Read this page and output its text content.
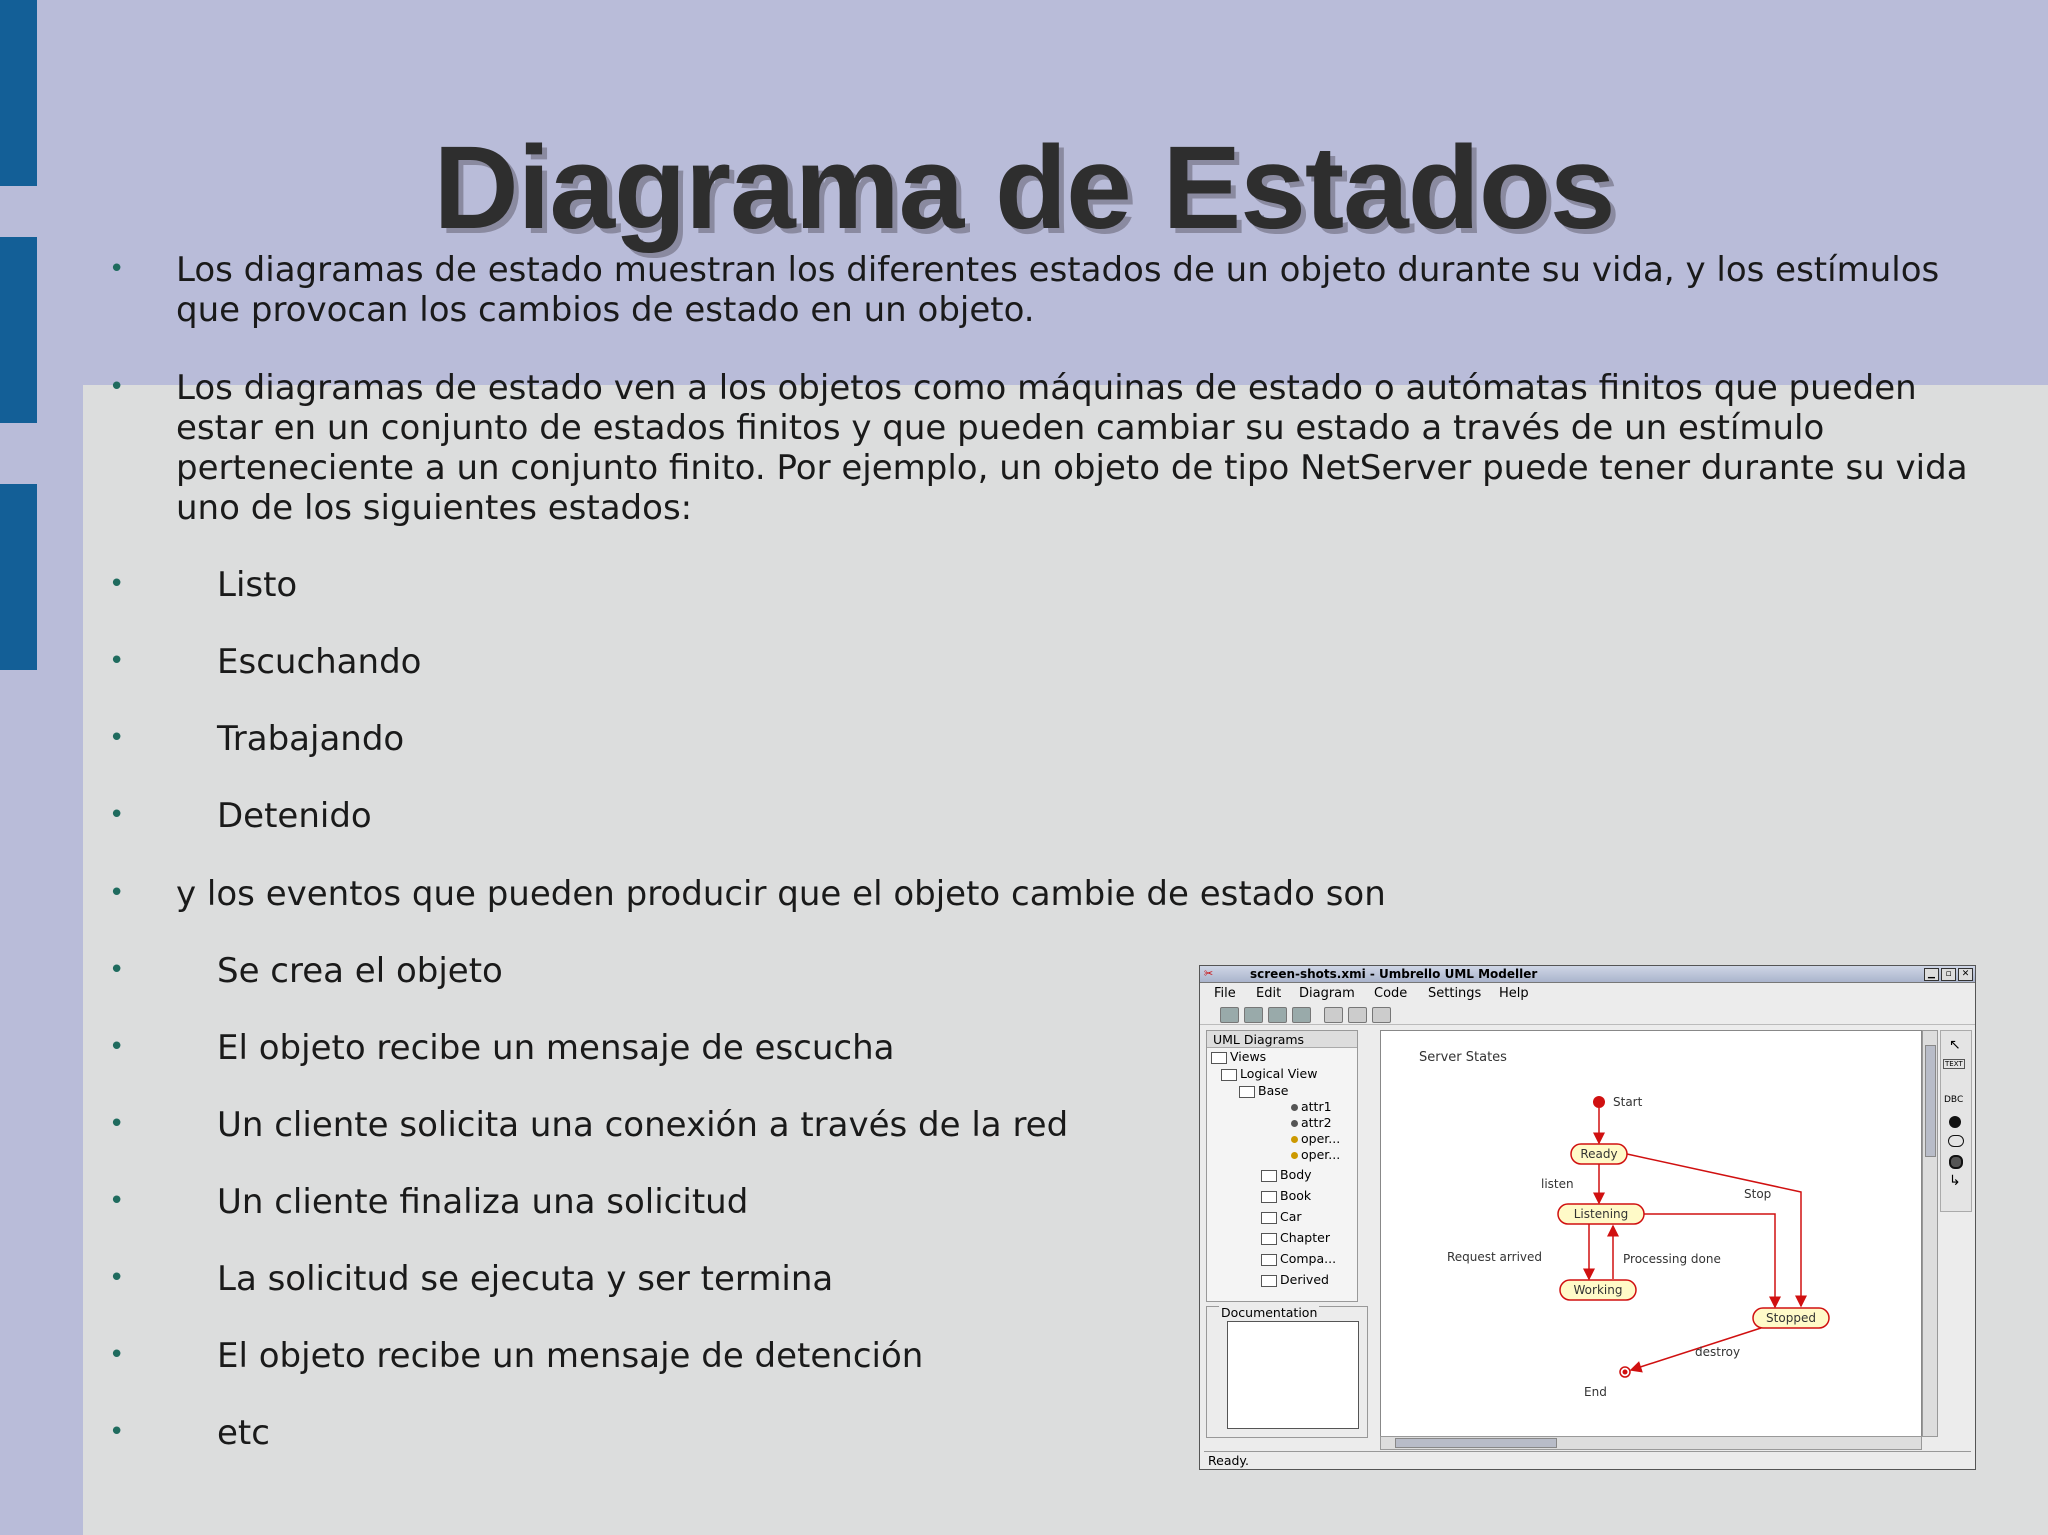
Diagrama de Estados
• Los diagramas de estado muestran los diferentes estados de un objeto durante su vida, y los estímulos que provocan los cambios de estado en un objeto.
• Los diagramas de estado ven a los objetos como máquinas de estado o autómatas finitos que pueden estar en un conjunto de estados finitos y que pueden cambiar su estado a través de un estímulo perteneciente a un conjunto finito. Por ejemplo, un objeto de tipo NetServer puede tener durante su vida uno de los siguientes estados:
•	Listo
•	Escuchando
•	Trabajando
•	Detenido
• y los eventos que pueden producir que el objeto cambie de estado son
•	Se crea el objeto
•	El objeto recibe un mensaje de escucha
•	Un cliente solicita una conexión a través de la red
•	Un cliente finaliza una solicitud
•	La solicitud se ejecuta y ser termina
•	El objeto recibe un mensaje de detención
•	etc
✂	screen-shots.xmi - Umbrello UML Modeller	▁	▫	✕
File Edit Diagram Code Settings Help
UML Diagrams
Views
Logical View
Base
attr1
attr2
oper...
oper...
Body
Book
Car
Chapter
Compa...
Derived
Documentation
Server States
Start
Ready
listen
Stop
Listening
Request arrived	Processing done
Working
Stopped
destroy
End
↖
TEXT
DBC
↳
Ready.
